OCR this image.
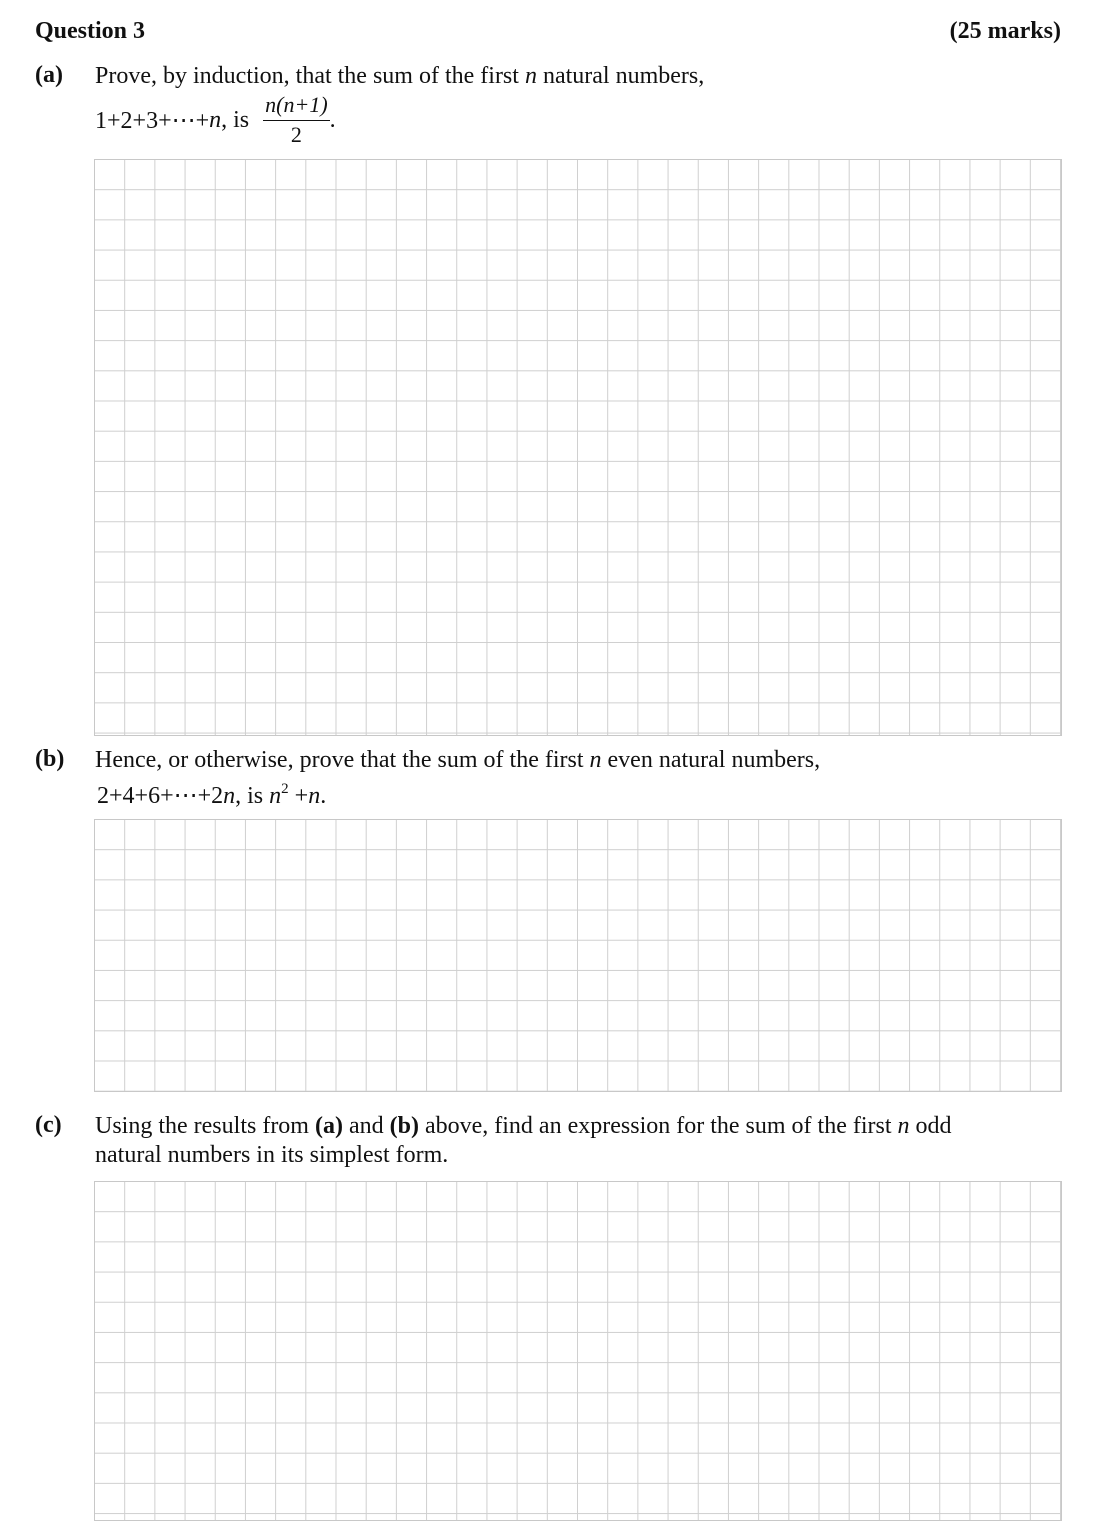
Question 3	(25 marks)
(a) Prove, by induction, that the sum of the first n natural numbers,
1+2+3+⋯+n, is $\frac{n(n+1)}{2}$ .
(b) Hence, or otherwise, prove that the sum of the first n even natural numbers,
2+4+6+⋯+2n, is $n^2 +n$.
(c) Using the results from (a) and (b) above, find an expression for the sum of the first n odd
natural numbers in its simplest form.
